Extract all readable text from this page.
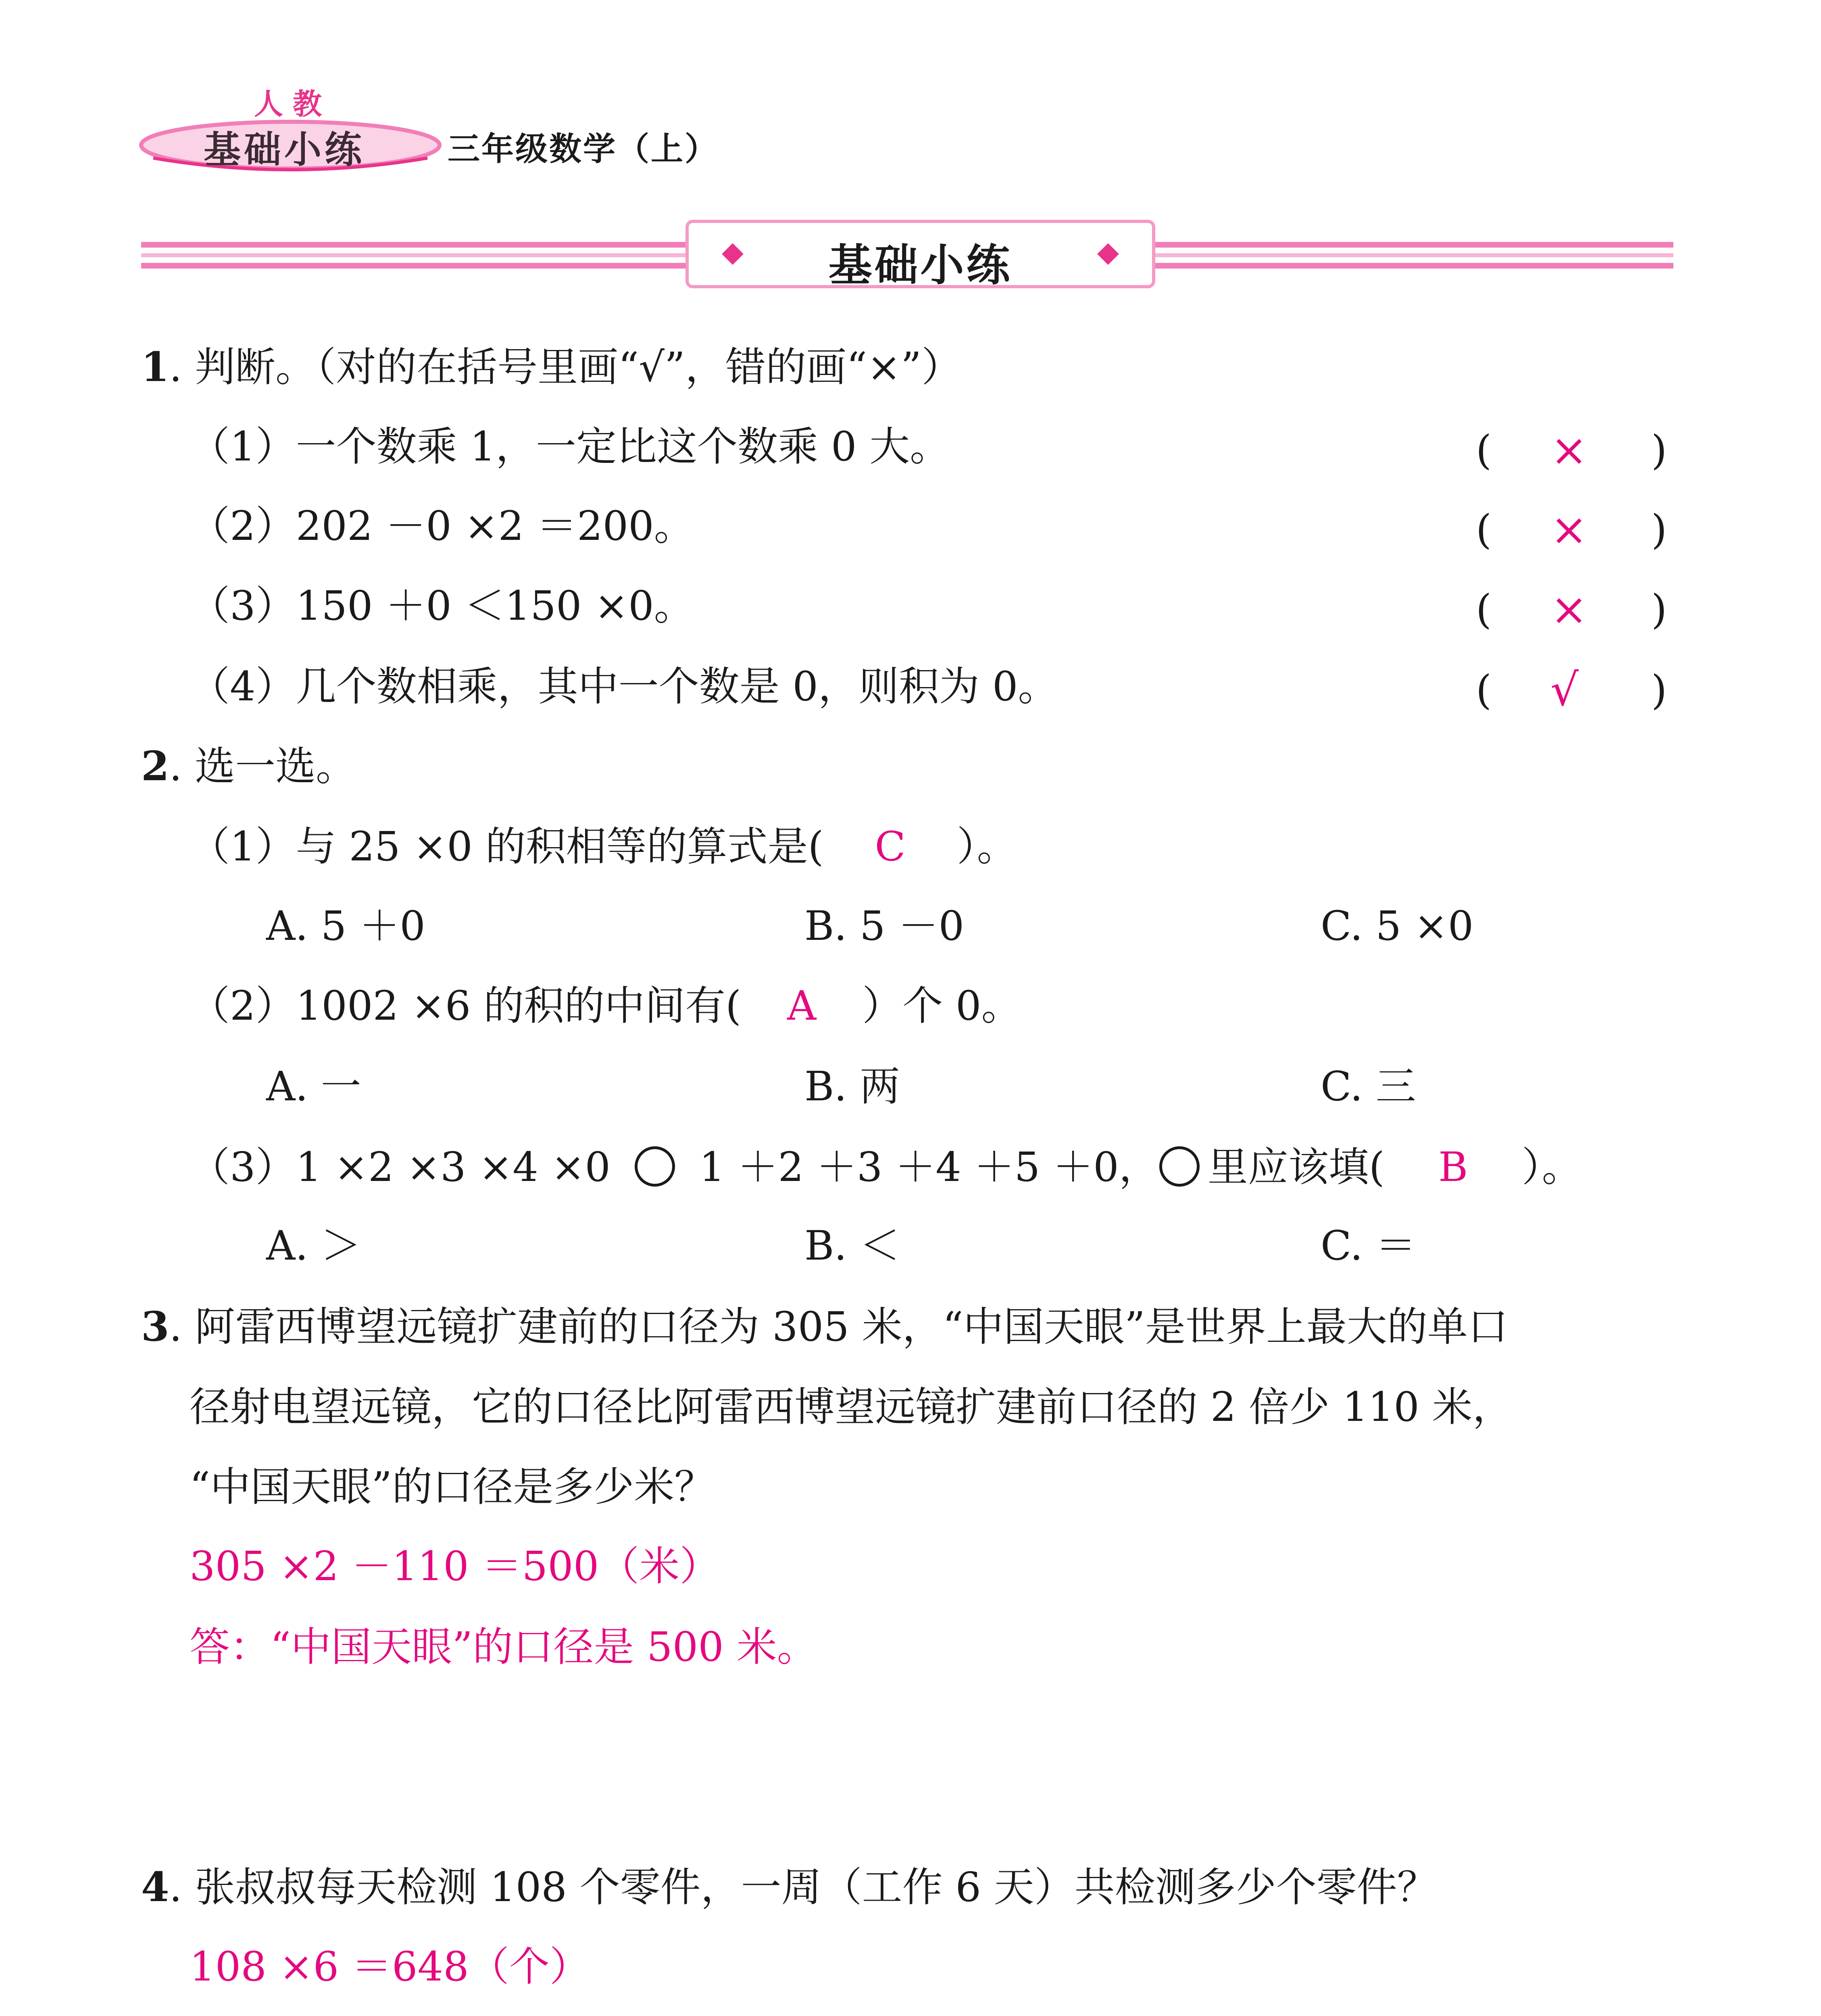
人教
基础小练	三年级数学（上）
基础小练
1. 判断。（对的在括号里画“√”，错的画“×”）
（1）一个数乘 1，一定比这个数乘 0 大。	( × )
（2）202 －0 ×2 ＝200。	( × )
（3）150 ＋0 ＜150 ×0。	( × )
（4）几个数相乘，其中一个数是 0，则积为 0。	( √ )
2. 选一选。
（1）与 25 ×0 的积相等的算式是( C ）。
A. 5 ＋0	B. 5 －0	C. 5 ×0
（2）1002 ×6 的积的中间有( A ）个 0。
A. 一	B. 两	C. 三
（3）1 ×2 ×3 ×4 ×0 1 ＋2 ＋3 ＋4 ＋5 ＋0， 里应该填( B ）。
A. ＞	B. ＜	C. ＝
3. 阿雷西博望远镜扩建前的口径为 305 米，“中国天眼”是世界上最大的单口
径射电望远镜，它的口径比阿雷西博望远镜扩建前口径的 2 倍少 110 米，
“中国天眼”的口径是多少米？
305 ×2 －110 ＝500（米）
答：“中国天眼”的口径是 500 米。
4. 张叔叔每天检测 108 个零件，一周（工作 6 天）共检测多少个零件？
108 ×6 ＝648（个）
